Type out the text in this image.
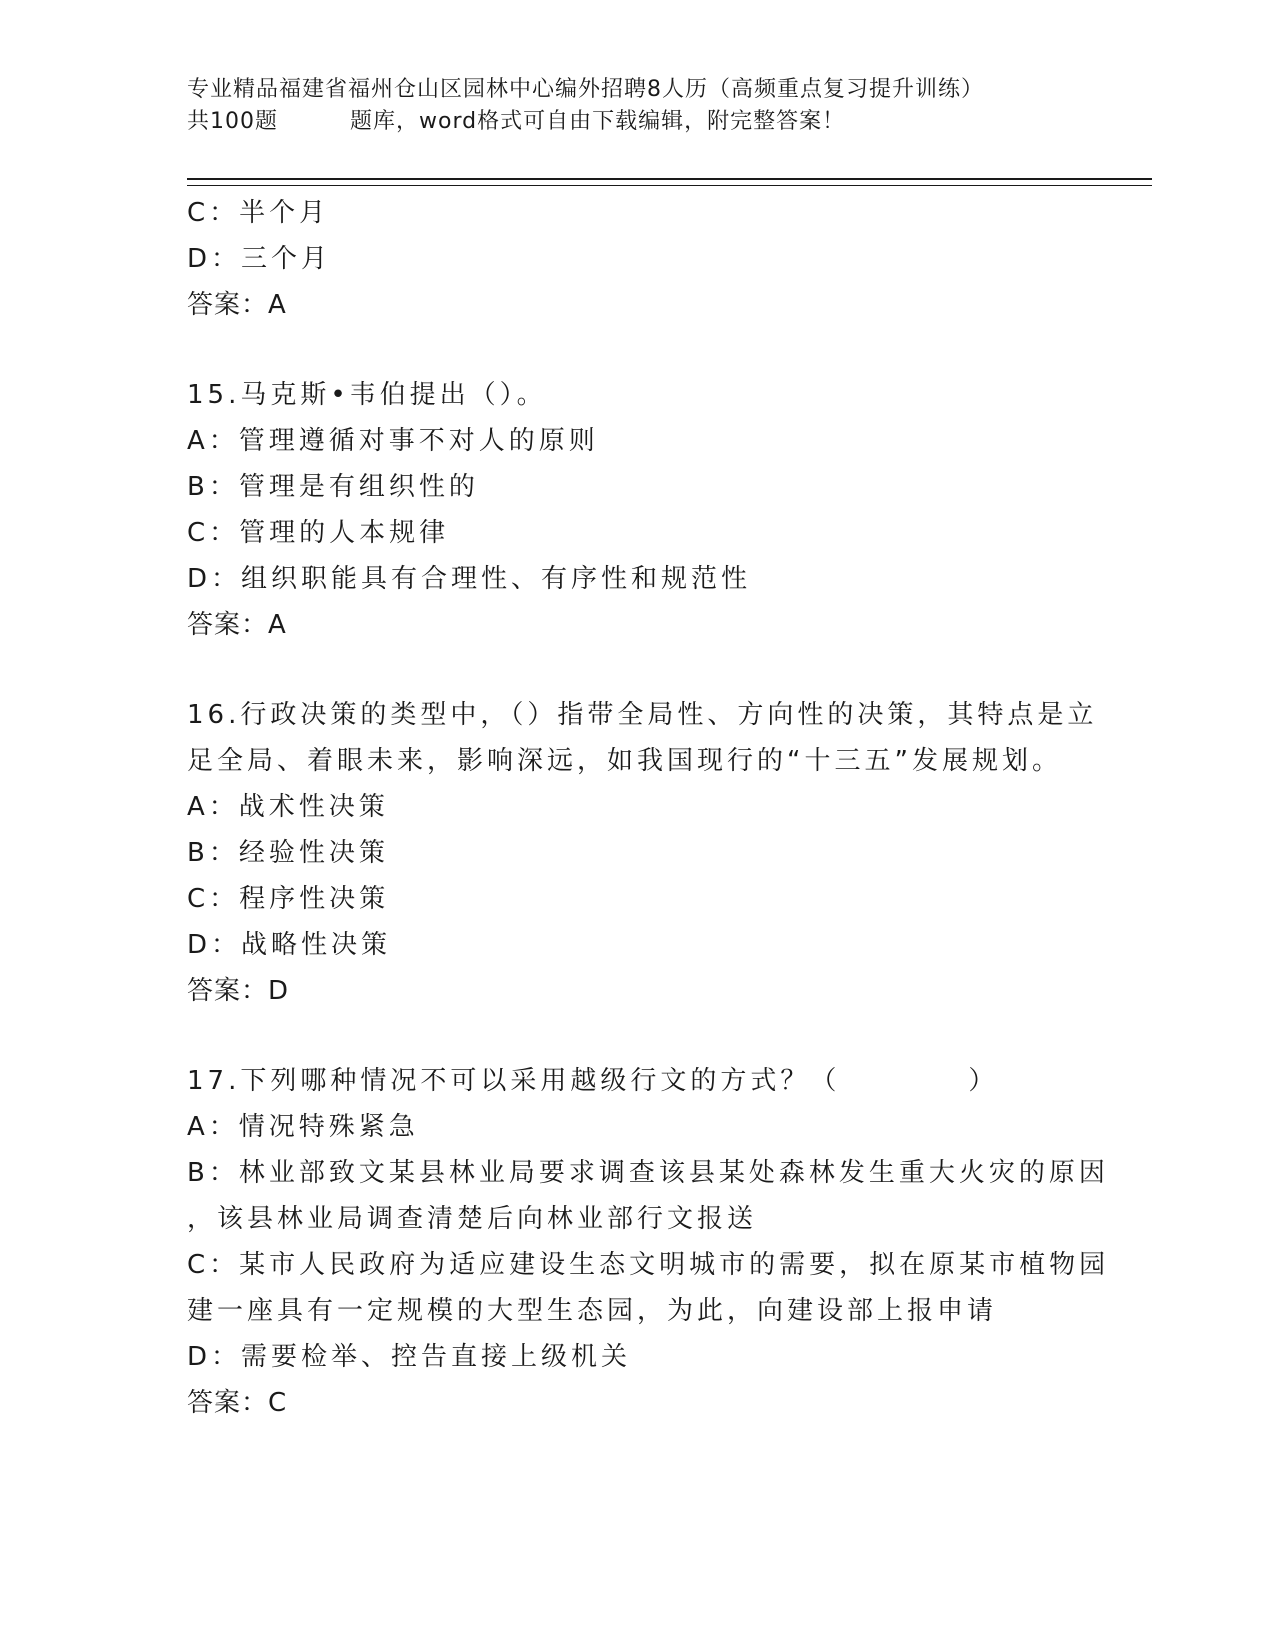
专业精品福建省福州仓山区园林中心编外招聘8人历（高频重点复习提升训练）
共100题	题库，word格式可自由下载编辑，附完整答案！
C：半个月
D：三个月
答案：A
15.马克斯•韦伯提出（）。
A：管理遵循对事不对人的原则
B：管理是有组织性的
C：管理的人本规律
D：组织职能具有合理性、有序性和规范性
答案：A
16.行政决策的类型中，（）指带全局性、方向性的决策，其特点是立
足全局、着眼未来，影响深远，如我国现行的“十三五”发展规划。
A：战术性决策
B：经验性决策
C：程序性决策
D：战略性决策
答案：D
17.下列哪种情况不可以采用越级行文的方式？（	）
A：情况特殊紧急
B：林业部致文某县林业局要求调查该县某处森林发生重大火灾的原因
，该县林业局调查清楚后向林业部行文报送
C：某市人民政府为适应建设生态文明城市的需要，拟在原某市植物园
建一座具有一定规模的大型生态园，为此，向建设部上报申请
D：需要检举、控告直接上级机关
答案：C
